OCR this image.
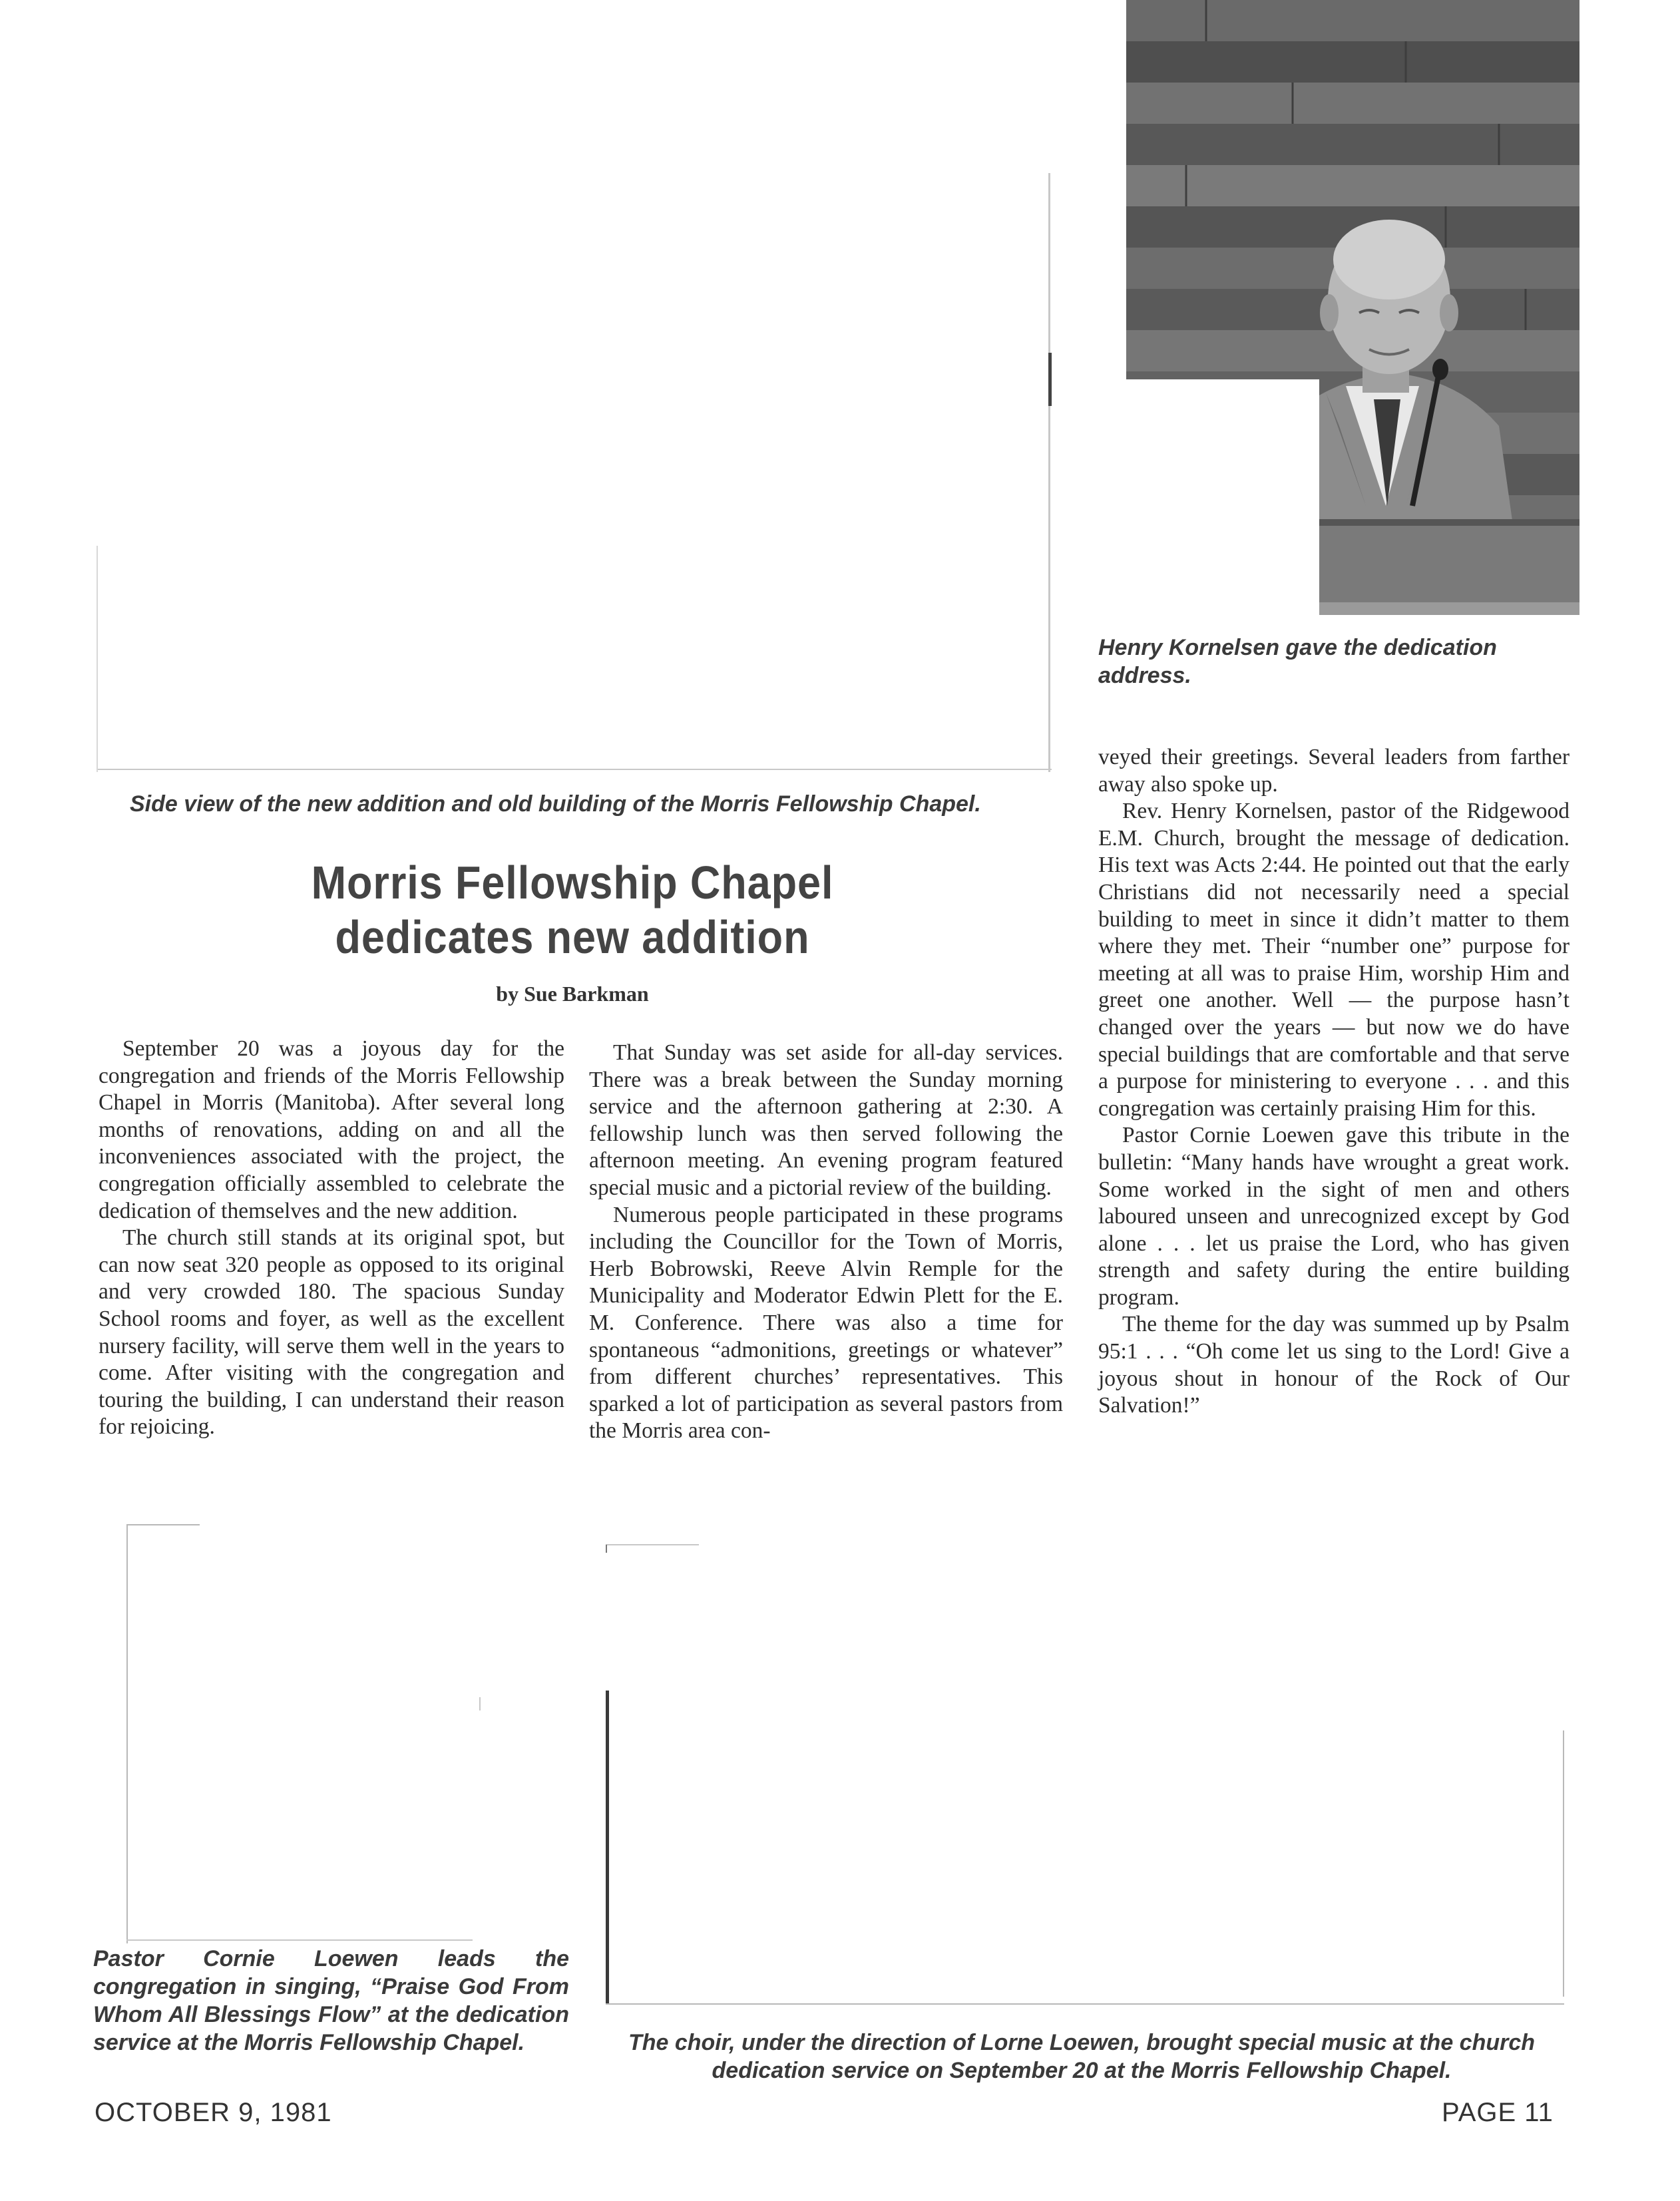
Henry Kornelsen gave the dedication address.
Side view of the new addition and old building of the Morris Fellowship Chapel.
Morris Fellowship Chapel
dedicates new addition
by Sue Barkman

September 20 was a joyous day for the congregation and friends of the Morris Fellowship Chapel in Morris (Manitoba). After several long months of renovations, adding on and all the inconveniences associated with the project, the congregation officially assembled to celebrate the dedication of themselves and the new addition.

The church still stands at its original spot, but can now seat 320 people as opposed to its original and very crowded 180. The spacious Sunday School rooms and foyer, as well as the excellent nursery facility, will serve them well in the years to come. After visiting with the congregation and touring the building, I can understand their reason for rejoicing.

That Sunday was set aside for all-day services. There was a break between the Sunday morning service and the afternoon gathering at 2:30. A fellowship lunch was then served following the afternoon meeting. An evening program featured special music and a pictorial review of the building.

Numerous people participated in these programs including the Councillor for the Town of Morris, Herb Bobrowski, Reeve Alvin Remple for the Municipality and Moderator Edwin Plett for the E. M. Conference. There was also a time for spontaneous “admonitions, greetings or whatever” from different churches’ representatives. This sparked a lot of participation as several pastors from the Morris area con-

veyed their greetings. Several leaders from farther away also spoke up.

Rev. Henry Kornelsen, pastor of the Ridgewood E.M. Church, brought the message of dedication. His text was Acts 2:44. He pointed out that the early Christians did not necessarily need a special building to meet in since it didn’t matter to them where they met. Their “number one” purpose for meeting at all was to praise Him, worship Him and greet one another. Well — the purpose hasn’t changed over the years — but now we do have special buildings that are comfortable and that serve a purpose for ministering to everyone . . . and this congregation was certainly praising Him for this.

Pastor Cornie Loewen gave this tribute in the bulletin: “Many hands have wrought a great work. Some worked in the sight of men and others laboured unseen and unrecognized except by God alone . . . let us praise the Lord, who has given strength and safety during the entire building program.

The theme for the day was summed up by Psalm 95:1 . . . “Oh come let us sing to the Lord! Give a joyous shout in honour of the Rock of Our Salvation!”

Pastor Cornie Loewen leads the congregation in singing, “Praise God From Whom All Blessings Flow” at the dedication service at the Morris Fellowship Chapel.	The choir, under the direction of Lorne Loewen, brought special music at the church dedication service on September 20 at the Morris Fellowship Chapel.
OCTOBER 9, 1981	PAGE 11
